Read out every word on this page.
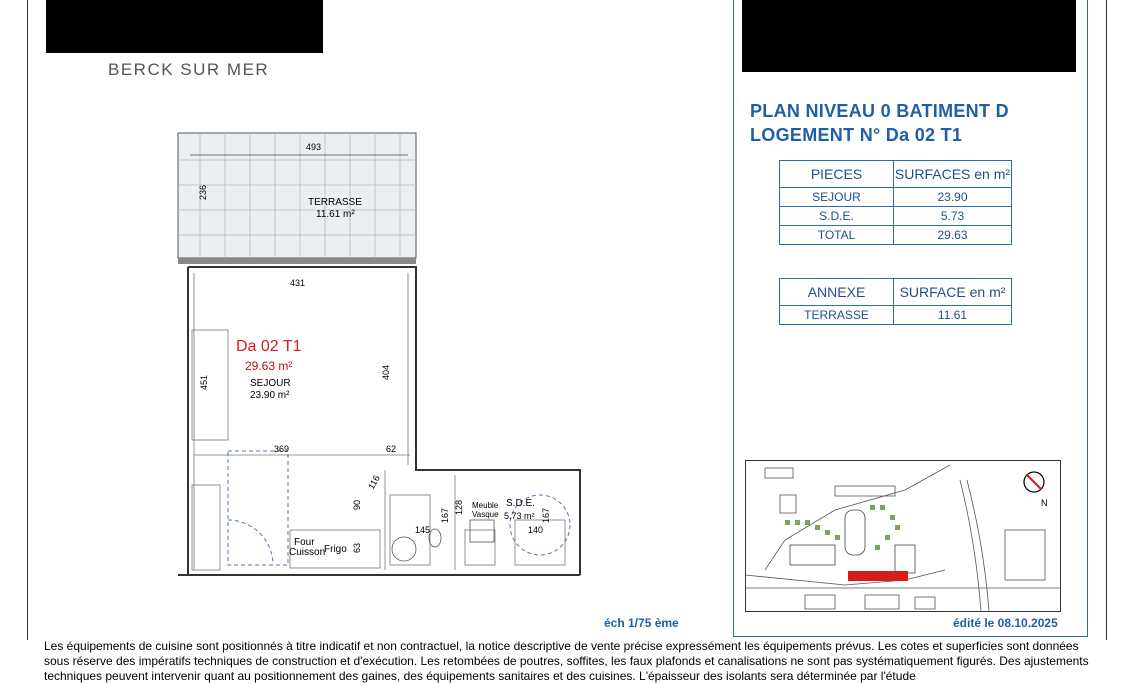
BERCK SUR MER
PLAN NIVEAU 0 BATIMENT D
LOGEMENT N° Da 02 T1
PIECES	SURFACES en m²
SEJOUR	23.90
S.D.E.	5.73
TOTAL	29.63
ANNEXE	SURFACE en m²
TERRASSE	11.61
N
éch 1/75 ème	édité le 08.10.2025
493
236
TERRASSE
11.61 m²
Da 02 T1
29.63 m²
SEJOUR
23.90 m²
431
451
404
369	62
90
116
145
167
128
167
140
63
Meuble
Vasque
S.D.E.
5.73 m²
Four
Cuisson
Frigo
Les équipements de cuisine sont positionnés à titre indicatif et non contractuel, la notice descriptive de vente précise expressément les équipements prévus. Les cotes et superficies sont données sous réserve des impératifs techniques de construction et d'exécution. Les retombées de poutres, soffites, les faux plafonds et canalisations ne sont pas systématiquement figurés. Des ajustements techniques peuvent intervenir quant au positionnement des gaines, des équipements sanitaires et des cuisines. L'épaisseur des isolants sera déterminée par l'étude
